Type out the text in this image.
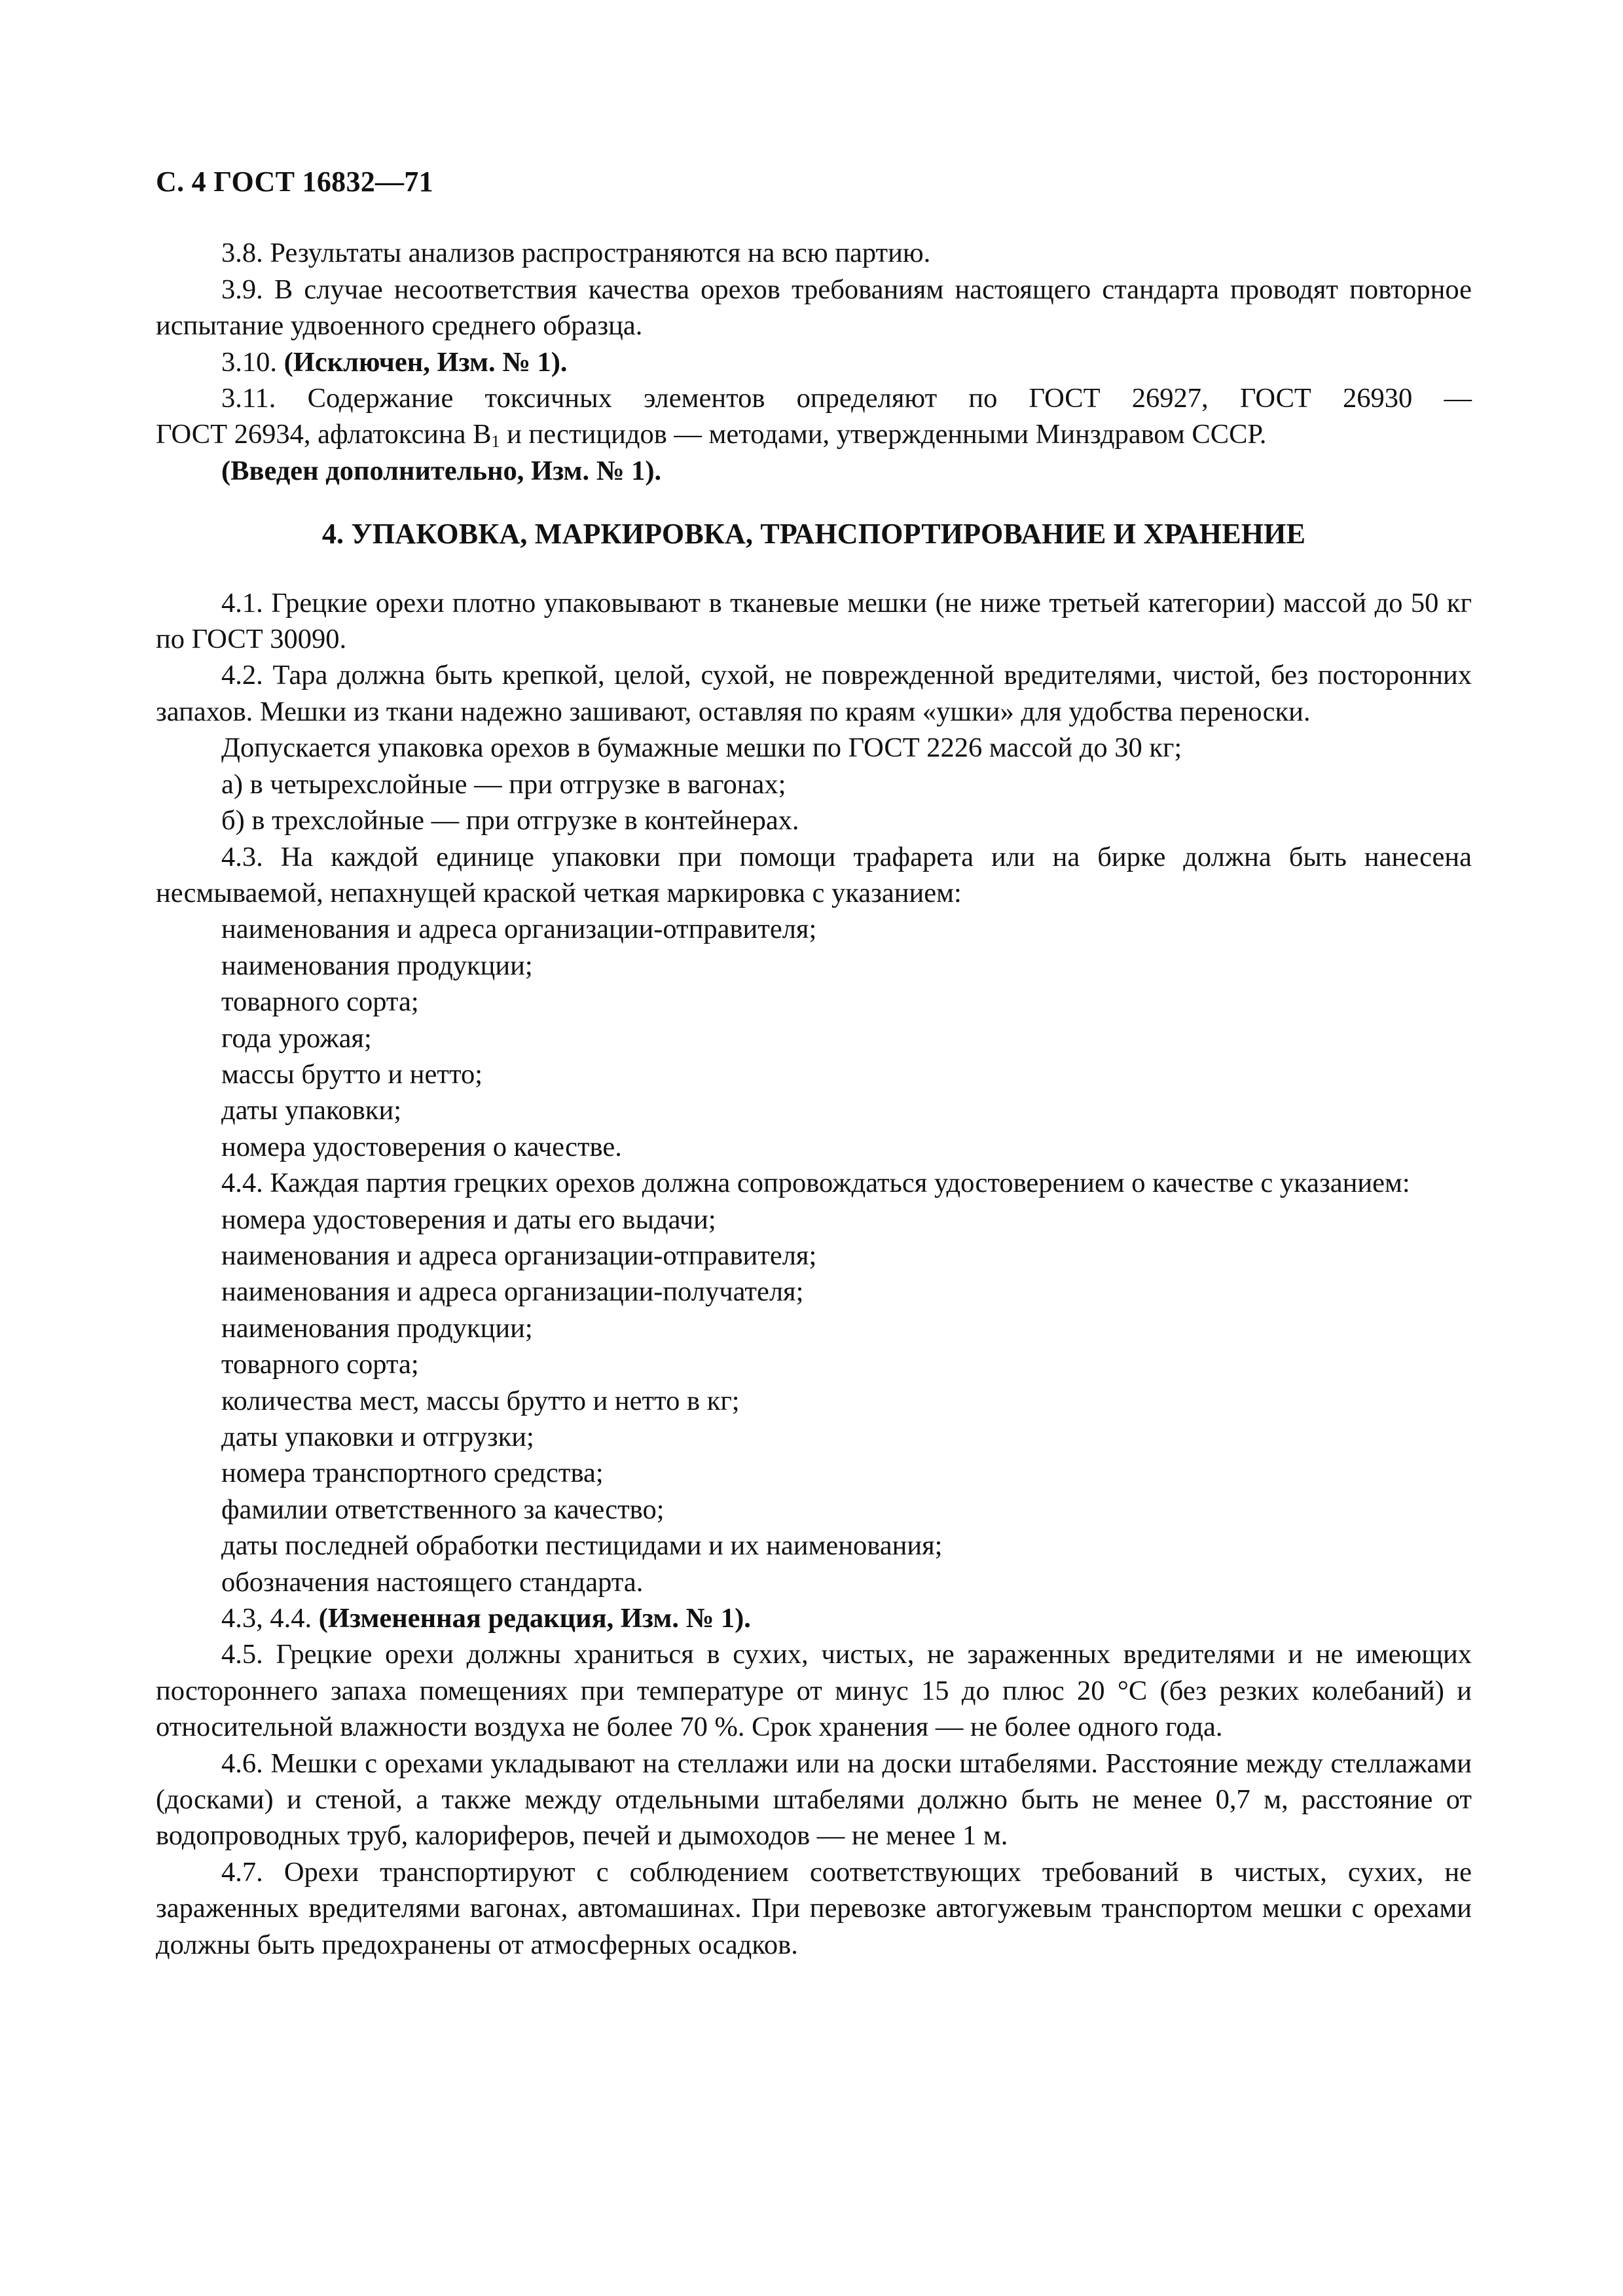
С. 4 ГОСТ 16832—71

3.8. Результаты анализов распространяются на всю партию.

3.9. В случае несоответствия качества орехов требованиям настоящего стандарта проводят повторное испытание удвоенного среднего образца.

3.10. (Исключен, Изм. № 1).

3.11. Содержание токсичных элементов определяют по ГОСТ 26927, ГОСТ 26930 —

ГОСТ 26934, афлатоксина $В_1$ и пестицидов — методами, утвержденными Минздравом СССР.

(Введен дополнительно, Изм. № 1).

4. УПАКОВКА, МАРКИРОВКА, ТРАНСПОРТИРОВАНИЕ И ХРАНЕНИЕ

4.1. Грецкие орехи плотно упаковывают в тканевые мешки (не ниже третьей категории) массой до 50 кг по ГОСТ 30090.

4.2. Тара должна быть крепкой, целой, сухой, не поврежденной вредителями, чистой, без посторонних запахов. Мешки из ткани надежно зашивают, оставляя по краям «ушки» для удобства переноски.

Допускается упаковка орехов в бумажные мешки по ГОСТ 2226 массой до 30 кг;

а) в четырехслойные — при отгрузке в вагонах;

б) в трехслойные — при отгрузке в контейнерах.

4.3. На каждой единице упаковки при помощи трафарета или на бирке должна быть нанесена несмываемой, непахнущей краской четкая маркировка с указанием:

наименования и адреса организации-отправителя;

наименования продукции;

товарного сорта;

года урожая;

массы брутто и нетто;

даты упаковки;

номера удостоверения о качестве.

4.4. Каждая партия грецких орехов должна сопровождаться удостоверением о качестве с указанием:

номера удостоверения и даты его выдачи;

наименования и адреса организации-отправителя;

наименования и адреса организации-получателя;

наименования продукции;

товарного сорта;

количества мест, массы брутто и нетто в кг;

даты упаковки и отгрузки;

номера транспортного средства;

фамилии ответственного за качество;

даты последней обработки пестицидами и их наименования;

обозначения настоящего стандарта.

4.3, 4.4. (Измененная редакция, Изм. № 1).

4.5. Грецкие орехи должны храниться в сухих, чистых, не зараженных вредителями и не имеющих постороннего запаха помещениях при температуре от минус 15 до плюс 20 °С (без резких колебаний) и относительной влажности воздуха не более 70 %. Срок хранения — не более одного года.

4.6. Мешки с орехами укладывают на стеллажи или на доски штабелями. Расстояние между стеллажами (досками) и стеной, а также между отдельными штабелями должно быть не менее 0,7 м, расстояние от водопроводных труб, калориферов, печей и дымоходов — не менее 1 м.

4.7. Орехи транспортируют с соблюдением соответствующих требований в чистых, сухих, не зараженных вредителями вагонах, автомашинах. При перевозке автогужевым транспортом мешки с орехами должны быть предохранены от атмосферных осадков.
